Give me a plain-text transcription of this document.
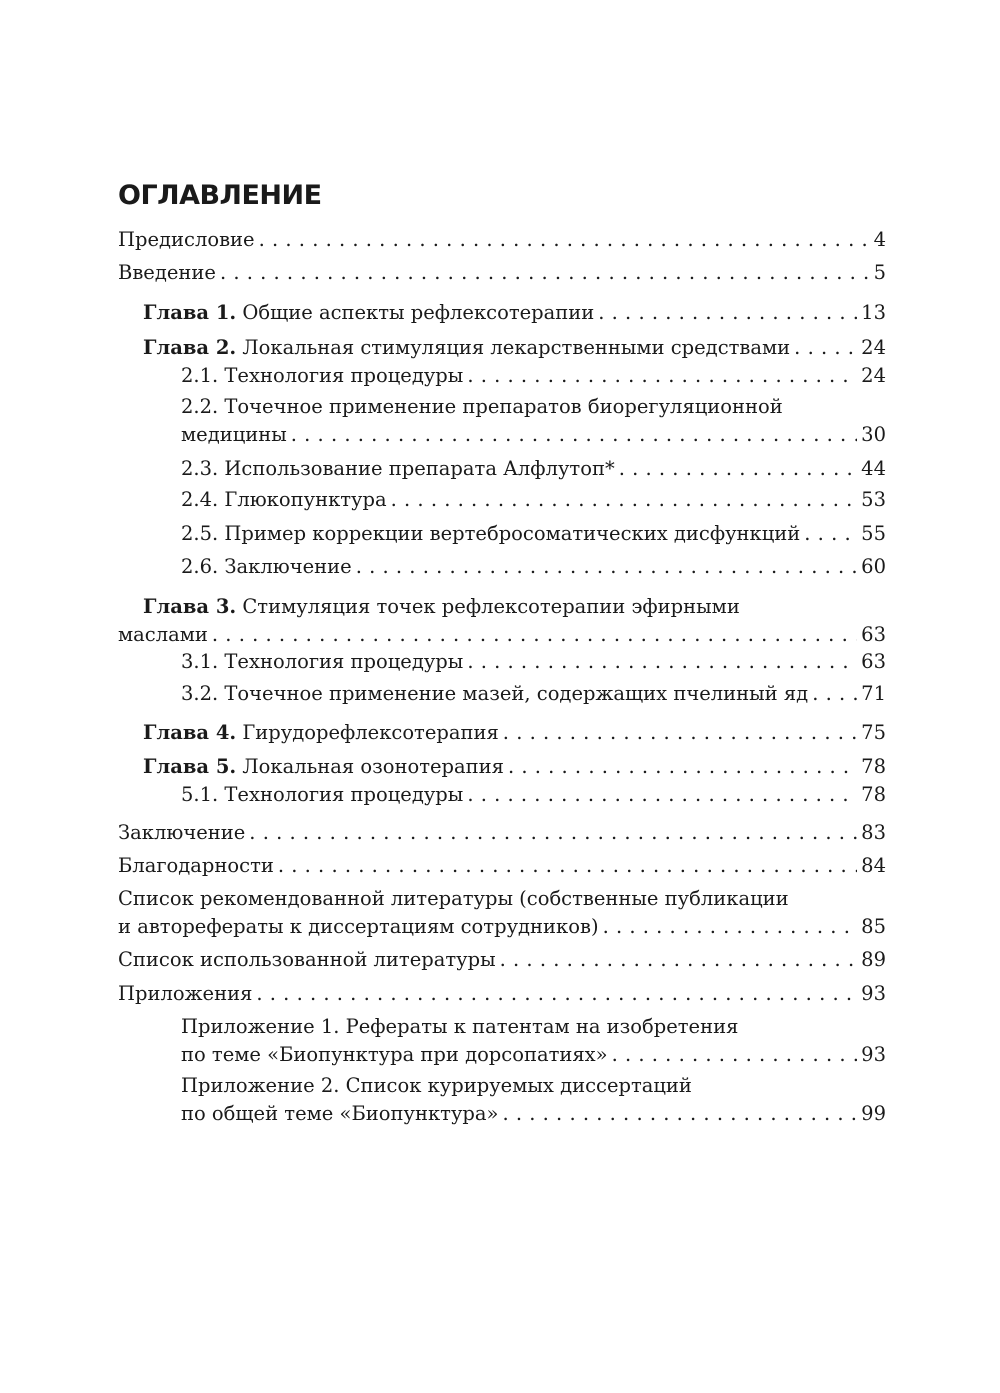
ОГЛАВЛЕНИЕ
Предисловие . . .	4
Введение . . .	5
Глава 1. Общие аспекты рефлексотерапии . . .	13
Глава 2. Локальная стимуляция лекарственными средствами . . .	24
2.1. Технология процедуры . . .	24
2.2. Точечное применение препаратов биорегуляционной
медицины . . .	30
2.3. Использование препарата Алфлутоп* . . .	44
2.4. Глюкопунктура . . .	53
2.5. Пример коррекции вертебросоматических дисфункций . . .	55
2.6. Заключение . . .	60
Глава 3. Стимуляция точек рефлексотерапии эфирными
маслами . . .	63
3.1. Технология процедуры . . .	63
3.2. Точечное применение мазей, содержащих пчелиный яд . . .	71
Глава 4. Гирудорефлексотерапия . . .	75
Глава 5. Локальная озонотерапия . . .	78
5.1. Технология процедуры . . .	78
Заключение . . .	83
Благодарности . . .	84
Список рекомендованной литературы (собственные публикации
и авторефераты к диссертациям сотрудников) . . .	85
Список использованной литературы . . .	89
Приложения . . .	93
Приложение 1. Рефераты к патентам на изобретения
по теме «Биопунктура при дорсопатиях» . . .	93
Приложение 2. Список курируемых диссертаций
по общей теме «Биопунктура» . . .	99
